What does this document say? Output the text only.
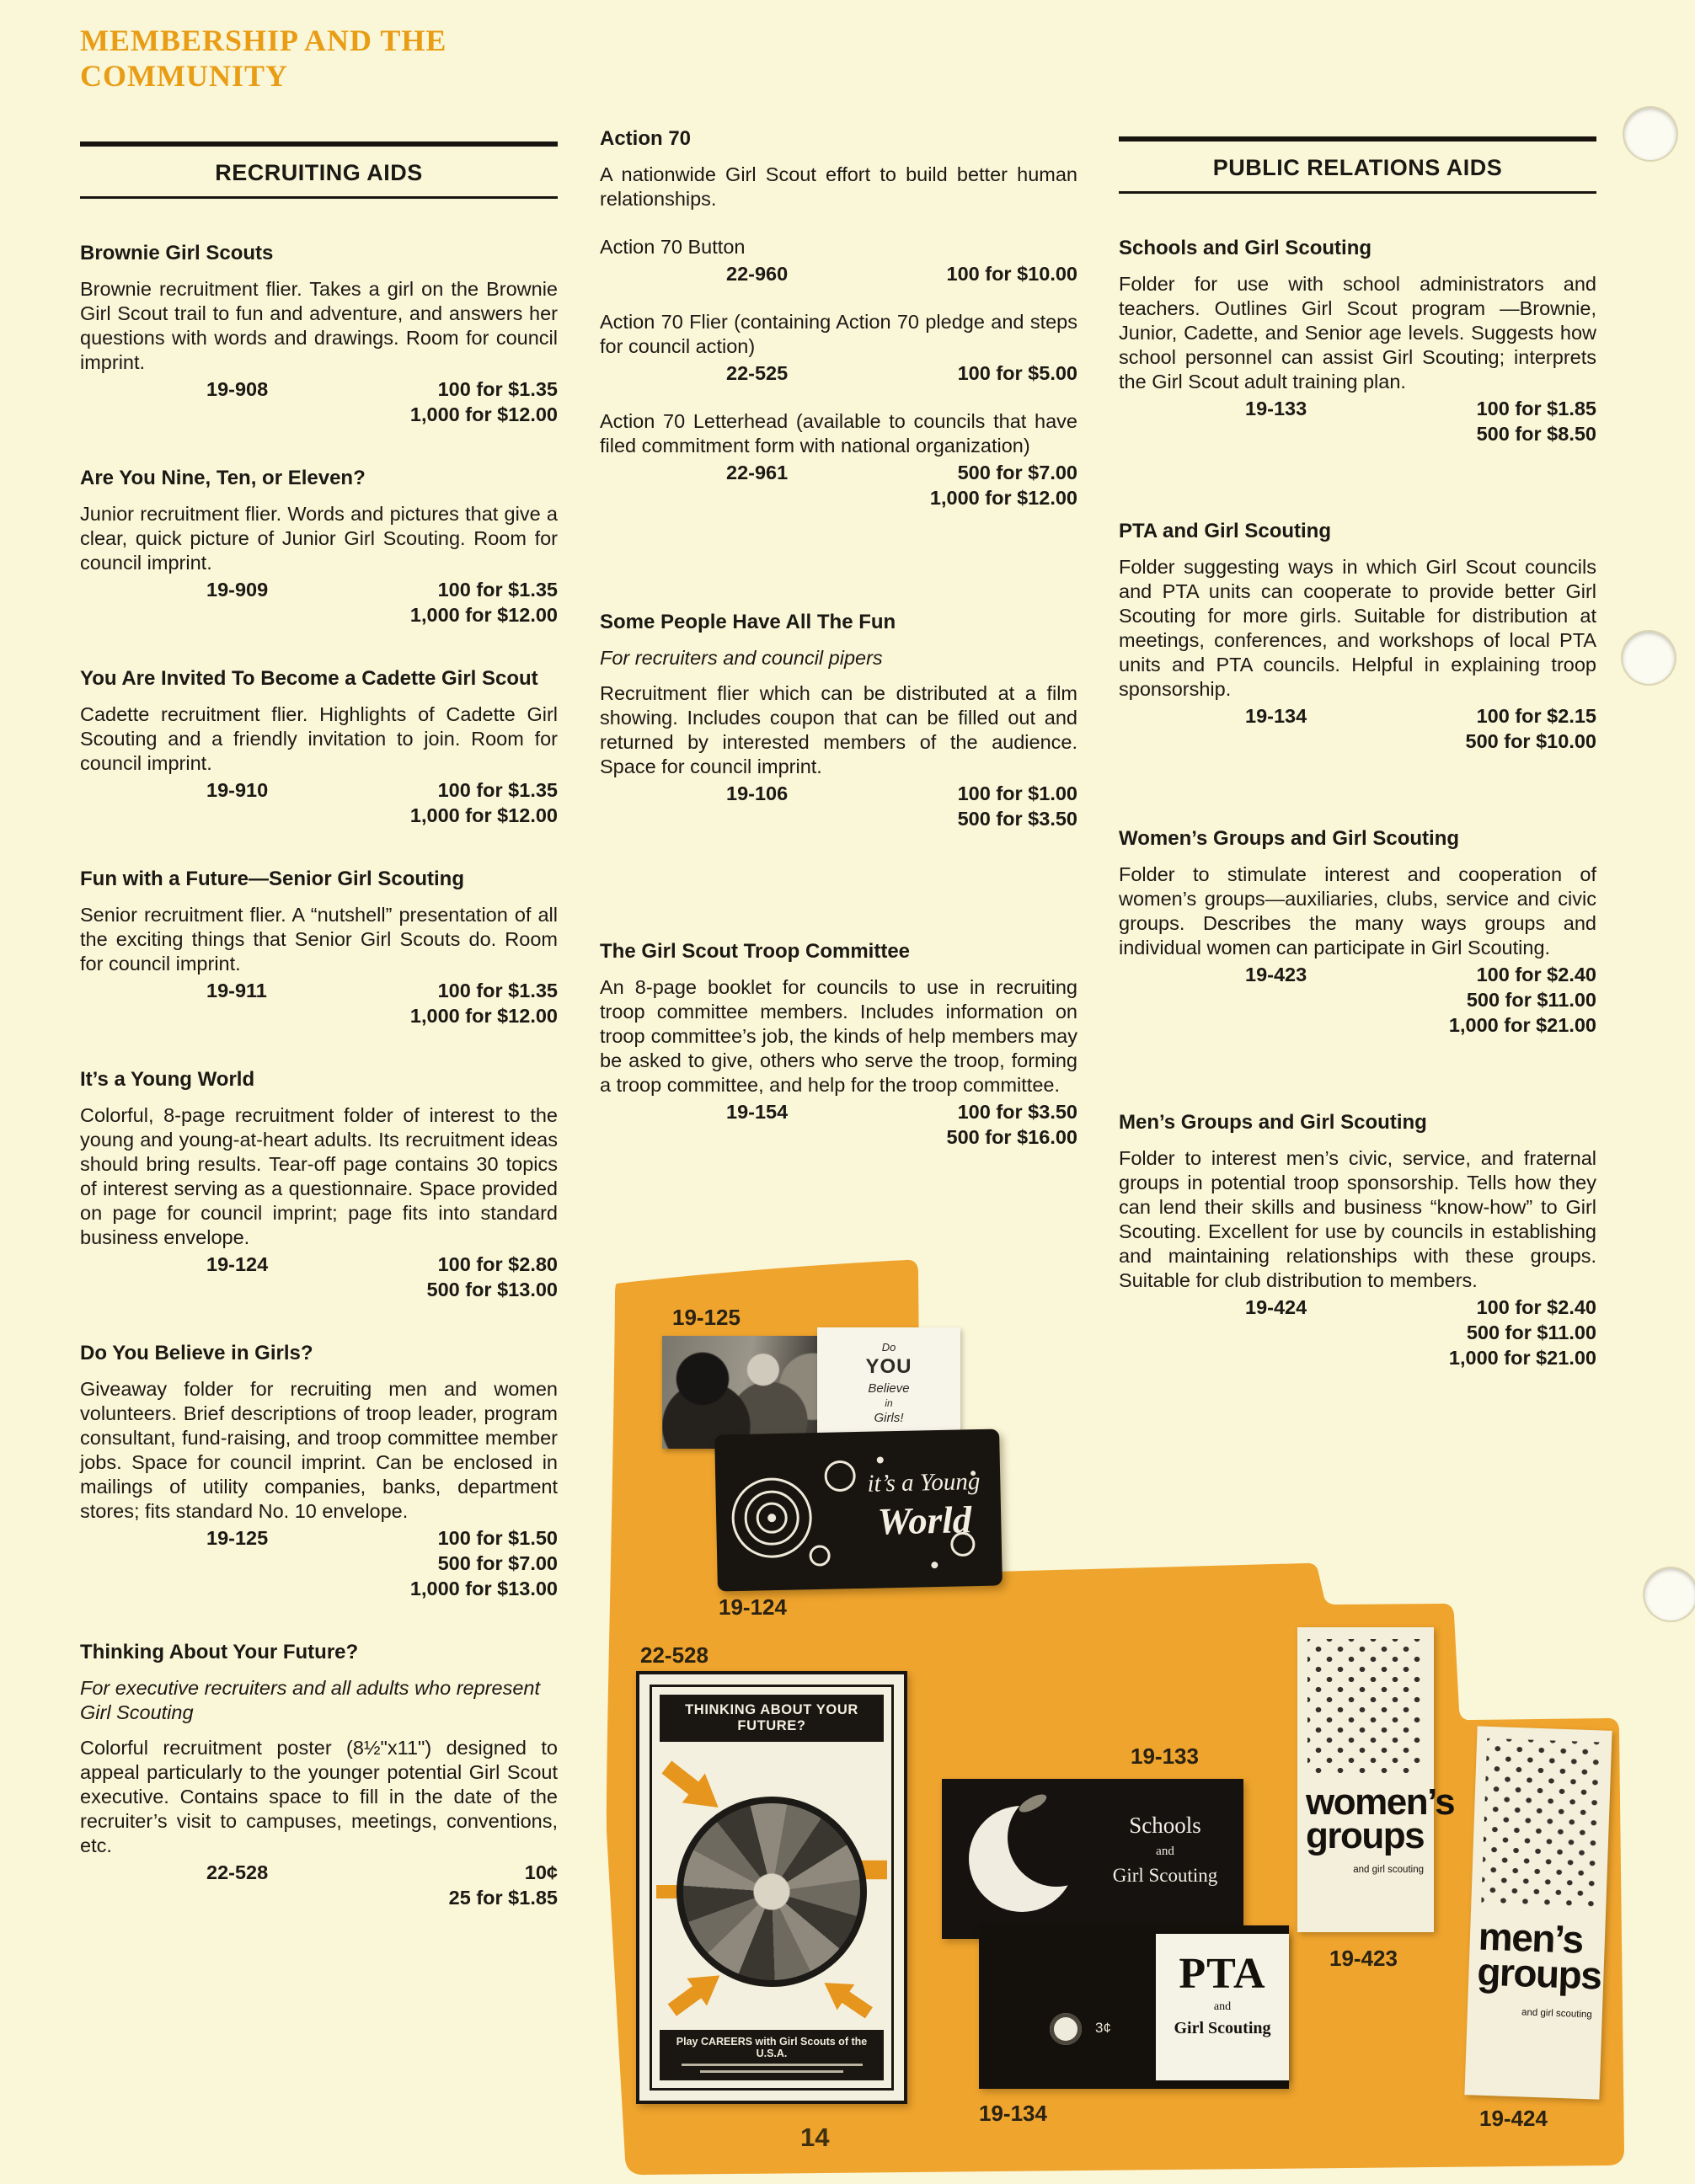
MEMBERSHIP AND THE
COMMUNITY
RECRUITING AIDS
Brownie Girl Scouts

Brownie recruitment flier. Takes a girl on the Brownie Girl Scout trail to fun and adventure, and answers her questions with words and drawings. Room for council imprint.

19-908	100 for $1.35
1,000 for $12.00
Are You Nine, Ten, or Eleven?

Junior recruitment flier. Words and pictures that give a clear, quick picture of Junior Girl Scouting. Room for council imprint.

19-909	100 for $1.35
1,000 for $12.00
You Are Invited To Become a Cadette Girl Scout

Cadette recruitment flier. Highlights of Cadette Girl Scouting and a friendly invitation to join. Room for council imprint.

19-910	100 for $1.35
1,000 for $12.00
Fun with a Future—Senior Girl Scouting

Senior recruitment flier. A “nutshell” presentation of all the exciting things that Senior Girl Scouts do. Room for council imprint.

19-911	100 for $1.35
1,000 for $12.00
It’s a Young World

Colorful, 8-page recruitment folder of interest to the young and young-at-heart adults. Its recruitment ideas should bring results. Tear-off page contains 30 topics of interest serving as a questionnaire. Space provided on page for council imprint; page fits into standard business envelope.

19-124	100 for $2.80
500 for $13.00
Do You Believe in Girls?

Giveaway folder for recruiting men and women volunteers. Brief descriptions of troop leader, program consultant, fund-raising, and troop committee member jobs. Space for council imprint. Can be enclosed in mailings of utility companies, banks, department stores; fits standard No. 10 envelope.

19-125	100 for $1.50
500 for $7.00
1,000 for $13.00
Thinking About Your Future?

For executive recruiters and all adults who represent Girl Scouting

Colorful recruitment poster (8½"x11") designed to appeal particularly to the younger potential Girl Scout executive. Contains space to fill in the date of the recruiter’s visit to campuses, meetings, conventions, etc.

22-528	10¢
25 for $1.85
Action 70

A nationwide Girl Scout effort to build better human relationships.

Action 70 Button

22-960	100 for $10.00

Action 70 Flier (containing Action 70 pledge and steps for council action)

22-525	100 for $5.00

Action 70 Letterhead (available to councils that have filed commitment form with national organization)

22-961	500 for $7.00
1,000 for $12.00
Some People Have All The Fun

For recruiters and council pipers

Recruitment flier which can be distributed at a film showing. Includes coupon that can be filled out and returned by interested members of the audience. Space for council imprint.

19-106	100 for $1.00
500 for $3.50
The Girl Scout Troop Committee

An 8-page booklet for councils to use in recruiting troop committee members. Includes information on troop committee’s job, the kinds of help members may be asked to give, others who serve the troop, forming a troop committee, and help for the troop committee.

19-154	100 for $3.50
500 for $16.00
PUBLIC RELATIONS AIDS
Schools and Girl Scouting

Folder for use with school administrators and teachers. Outlines Girl Scout program —Brownie, Junior, Cadette, and Senior age levels. Suggests how school personnel can assist Girl Scouting; interprets the Girl Scout adult training plan.

19-133	100 for $1.85
500 for $8.50
PTA and Girl Scouting

Folder suggesting ways in which Girl Scout councils and PTA units can cooperate to provide better Girl Scouting for more girls. Suitable for distribution at meetings, conferences, and workshops of local PTA units and PTA councils. Helpful in explaining troop sponsorship.

19-134	100 for $2.15
500 for $10.00
Women’s Groups and Girl Scouting

Folder to stimulate interest and cooperation of women’s groups—auxiliaries, clubs, service and civic groups. Describes the many ways groups and individual women can participate in Girl Scouting.

19-423	100 for $2.40
500 for $11.00
1,000 for $21.00
Men’s Groups and Girl Scouting

Folder to interest men’s civic, service, and fraternal groups in potential troop sponsorship. Tells how they can lend their skills and business “know-how” to Girl Scouting. Excellent for use by councils in establishing and maintaining relationships with these groups. Suitable for club distribution to members.

19-424	100 for $2.40
500 for $11.00
1,000 for $21.00
19-125
19-124
22-528
19-133
19-134
19-423
19-424
Do
YOU
Believe
in
Girls!
it’s a Young
World
THINKING ABOUT YOUR FUTURE?
Play CAREERS with Girl Scouts of the U.S.A.
Schools
and
Girl Scouting
3¢
PTA
and
Girl Scouting
women’s
groups
and girl scouting
men’s
groups
and girl scouting
14
